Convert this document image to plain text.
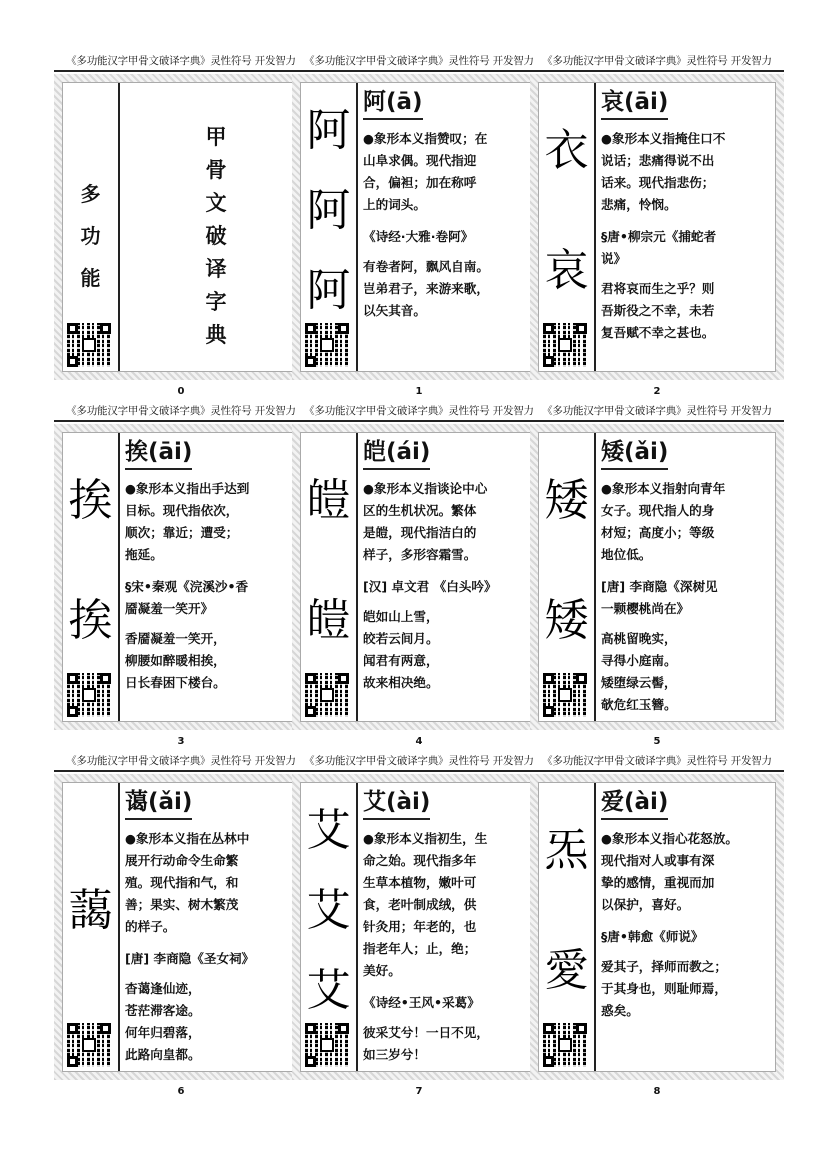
《多功能汉字甲骨文破译字典》灵性符号 开发智力
多
功
能
甲
骨
文
破
译
字
典
0
《多功能汉字甲骨文破译字典》灵性符号 开发智力
阿
阿
阿
阿(ā)
●象形本义指赞叹；在
山阜求偶。现代指迎
合，偏袒；加在称呼
上的词头。
《诗经·大雅·卷阿》
有卷者阿，飘风自南。
岂弟君子，来游来歌，
以矢其音。
1
《多功能汉字甲骨文破译字典》灵性符号 开发智力
衣
哀
哀(āi)
●象形本义指掩住口不
说话；悲痛得说不出
话来。现代指悲伤；
悲痛，怜悯。
§唐•柳宗元《捕蛇者
说》
君将哀而生之乎？则
吾斯役之不幸，未若
复吾赋不幸之甚也。
2
《多功能汉字甲骨文破译字典》灵性符号 开发智力
挨
挨
挨(āi)
●象形本义指出手达到
目标。现代指依次，
顺次；靠近；遭受；
拖延。
§宋•秦观《浣溪沙•香
靥凝羞一笑开》
香靥凝羞一笑开，
柳腰如醉暖相挨，
日长春困下楼台。
3
《多功能汉字甲骨文破译字典》灵性符号 开发智力
皚
皚
皑(ái)
●象形本义指谈论中心
区的生机状况。繁体
是皚，现代指洁白的
样子，多形容霜雪。
[汉] 卓文君 《白头吟》
皑如山上雪，
皎若云间月。
闻君有两意，
故来相决绝。
4
《多功能汉字甲骨文破译字典》灵性符号 开发智力
矮
矮
矮(ǎi)
●象形本义指射向青年
女子。现代指人的身
材短；高度小；等级
地位低。
[唐] 李商隐《深树见
一颗樱桃尚在》
高桃留晚实，
寻得小庭南。
矮堕绿云髻，
欹危红玉簪。
5
《多功能汉字甲骨文破译字典》灵性符号 开发智力
藹
蔼(ǎi)
●象形本义指在丛林中
展开行动命令生命繁
殖。现代指和气，和
善；果实、树木繁茂
的样子。
[唐] 李商隐《圣女祠》
杳蔼逢仙迹，
苍茫滞客途。
何年归碧落，
此路向皇都。
6
《多功能汉字甲骨文破译字典》灵性符号 开发智力
艾
艾
艾
艾(ài)
●象形本义指初生，生
命之始。现代指多年
生草本植物，嫩叶可
食，老叶制成绒，供
针灸用；年老的，也
指老年人；止，绝；
美好。
《诗经•王风•采葛》
彼采艾兮！一日不见，
如三岁兮！
7
《多功能汉字甲骨文破译字典》灵性符号 开发智力
炁
愛
爱(ài)
●象形本义指心花怒放。
现代指对人或事有深
挚的感情，重视而加
以保护，喜好。
§唐•韩愈《师说》
爱其子，择师而教之；
于其身也，则耻师焉，
惑矣。
8
